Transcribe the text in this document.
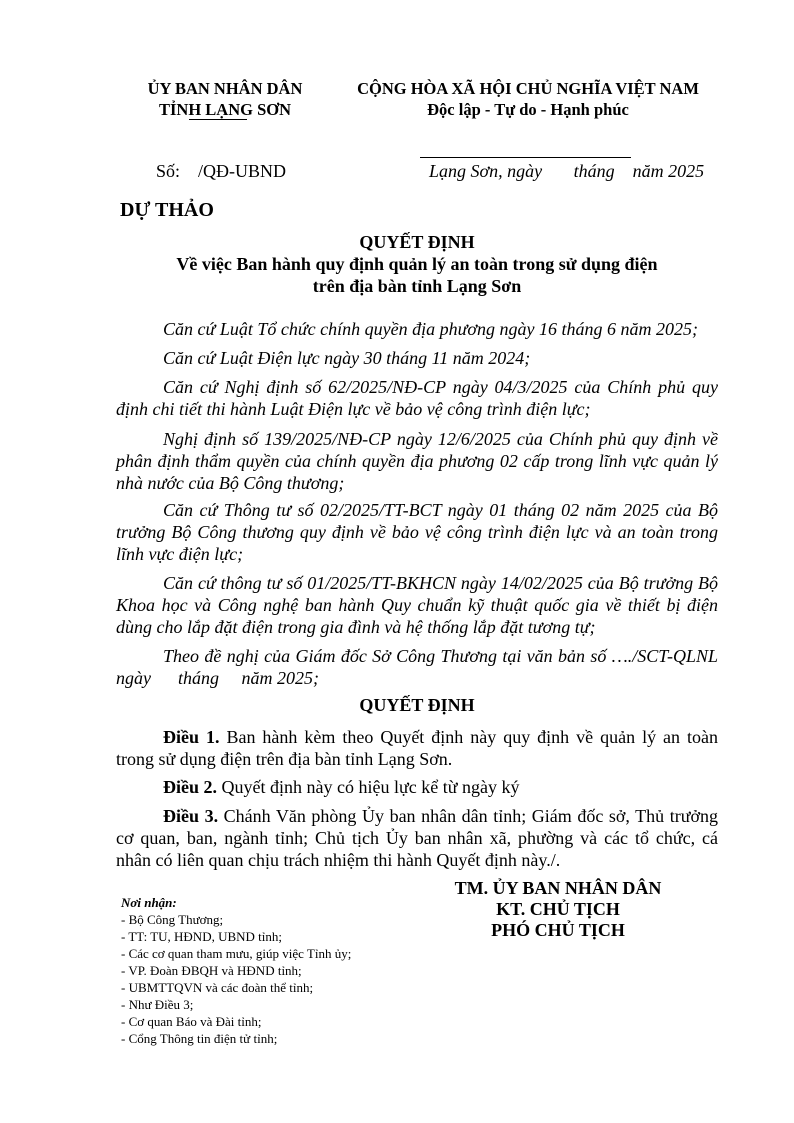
ỦY BAN NHÂN DÂN
TỈNH LẠNG SƠN
CỘNG HÒA XÃ HỘI CHỦ NGHĨA VIỆT NAM
Độc lập - Tự do - Hạnh phúc
Số: /QĐ-UBND	Lạng Sơn, ngày tháng năm 2025
DỰ THẢO
QUYẾT ĐỊNH
Về việc Ban hành quy định quản lý an toàn trong sử dụng điện
trên địa bàn tỉnh Lạng Sơn
Căn cứ Luật Tổ chức chính quyền địa phương ngày 16 tháng 6 năm 2025;
Căn cứ Luật Điện lực ngày 30 tháng 11 năm 2024;
Căn cứ Nghị định số 62/2025/NĐ-CP ngày 04/3/2025 của Chính phủ quy định chi tiết thi hành Luật Điện lực về bảo vệ công trình điện lực;
Nghị định số 139/2025/NĐ-CP ngày 12/6/2025 của Chính phủ quy định về phân định thẩm quyền của chính quyền địa phương 02 cấp trong lĩnh vực quản lý nhà nước của Bộ Công thương;
Căn cứ Thông tư số 02/2025/TT-BCT ngày 01 tháng 02 năm 2025 của Bộ trưởng Bộ Công thương quy định về bảo vệ công trình điện lực và an toàn trong lĩnh vực điện lực;
Căn cứ thông tư số 01/2025/TT-BKHCN ngày 14/02/2025 của Bộ trưởng Bộ Khoa học và Công nghệ ban hành Quy chuẩn kỹ thuật quốc gia về thiết bị điện dùng cho lắp đặt điện trong gia đình và hệ thống lắp đặt tương tự;
Theo đề nghị của Giám đốc Sở Công Thương tại văn bản số …./SCT-QLNL ngày      tháng     năm 2025;
QUYẾT ĐỊNH
Điều 1. Ban hành kèm theo Quyết định này quy định về quản lý an toàn trong sử dụng điện trên địa bàn tỉnh Lạng Sơn.
Điều 2. Quyết định này có hiệu lực kể từ ngày ký
Điều 3. Chánh Văn phòng Ủy ban nhân dân tỉnh; Giám đốc sở, Thủ trưởng cơ quan, ban, ngành tỉnh; Chủ tịch Ủy ban nhân xã, phường và các tổ chức, cá nhân có liên quan chịu trách nhiệm thi hành Quyết định này./.
Nơi nhận:
- Bộ Công Thương;
- TT: TU, HĐND, UBND tỉnh;
- Các cơ quan tham mưu, giúp việc Tỉnh ủy;
- VP. Đoàn ĐBQH và HĐND tỉnh;
- UBMTTQVN và các đoàn thể tỉnh;
- Như Điều 3;
- Cơ quan Báo và Đài tỉnh;
- Cổng Thông tin điện tử tỉnh;
TM. ỦY BAN NHÂN DÂN
KT. CHỦ TỊCH
PHÓ CHỦ TỊCH
